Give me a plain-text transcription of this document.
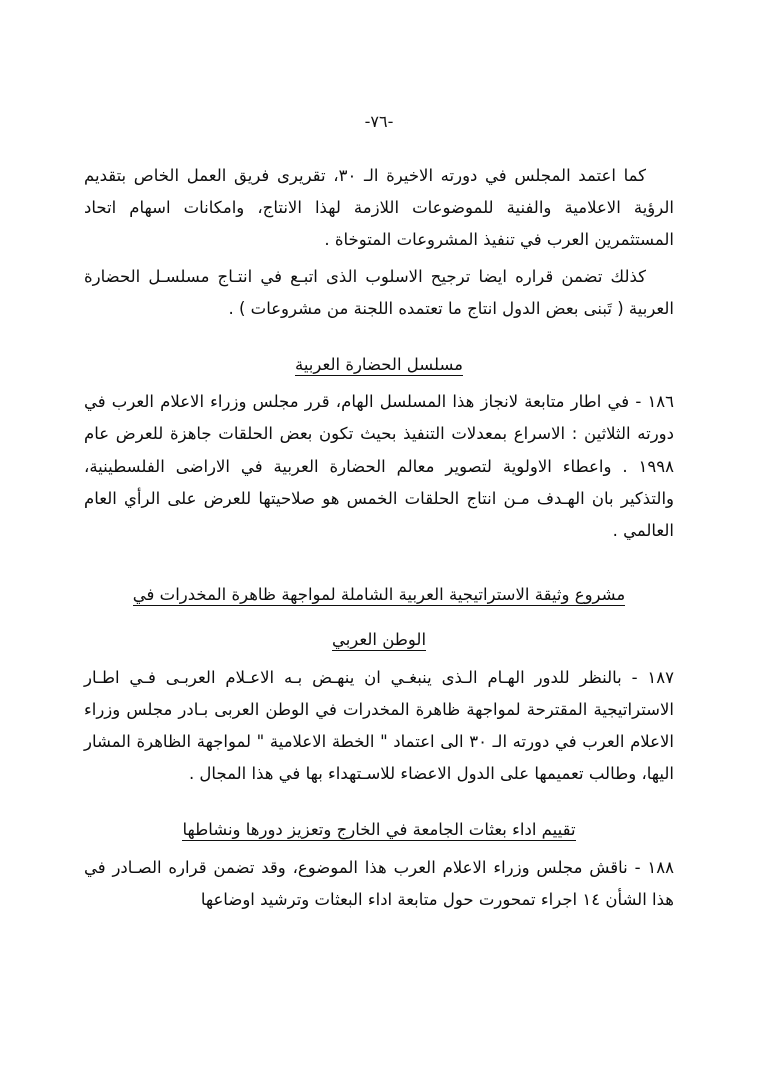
-٧٦-

كما اعتمد المجلس في دورته الاخيرة الـ ٣٠، تقريرى فريق العمل الخاص بتقديم الرؤية الاعلامية والفنية للموضوعات اللازمة لهذا الانتاج، وامكانات اسهام اتحاد المستثمرين العرب في تنفيذ المشروعات المتوخاة .

كذلك تضمن قراره ايضا ترجيح الاسلوب الذى اتبـع في انتـاج مسلسـل الحضارة العربية ( تَبنى بعض الدول انتاج ما تعتمده اللجنة من مشروعات ) .

مسلسل الحضارة العربية

١٨٦ - في اطار متابعة لانجاز هذا المسلسل الهام، قرر مجلس وزراء الاعلام العرب في دورته الثلاثين : الاسراع بمعدلات التنفيذ بحيث تكون بعض الحلقات جاهزة للعرض عام ١٩٩٨ . واعطاء الاولوية لتصوير معالم الحضارة العربية في الاراضى الفلسطينية، والتذكير بان الهـدف مـن انتاج الحلقات الخمس هو صلاحيتها للعرض على الرأي العام العالمي .

مشروع وثيقة الاستراتيجية العربية الشاملة لمواجهة ظاهرة المخدرات في
الوطن العربي

١٨٧ - بالنظر للدور الهـام الـذى ينبغـي ان ينهـض بـه الاعـلام العربـى فـي اطـار الاستراتيجية المقترحة لمواجهة ظاهرة المخدرات في الوطن العربى بـادر مجلس وزراء الاعلام العرب في دورته الـ ٣٠ الى اعتماد " الخطة الاعلامية " لمواجهة الظاهرة المشار اليها، وطالب تعميمها على الدول الاعضاء للاسـتهداء بها في هذا المجال .

تقييم اداء بعثات الجامعة في الخارج وتعزيز دورها ونشاطها

١٨٨ - ناقش مجلس وزراء الاعلام العرب هذا الموضوع، وقد تضمن قراره الصـادر في هذا الشأن ١٤ اجراء تمحورت حول متابعة اداء البعثات وترشيد اوضاعها
